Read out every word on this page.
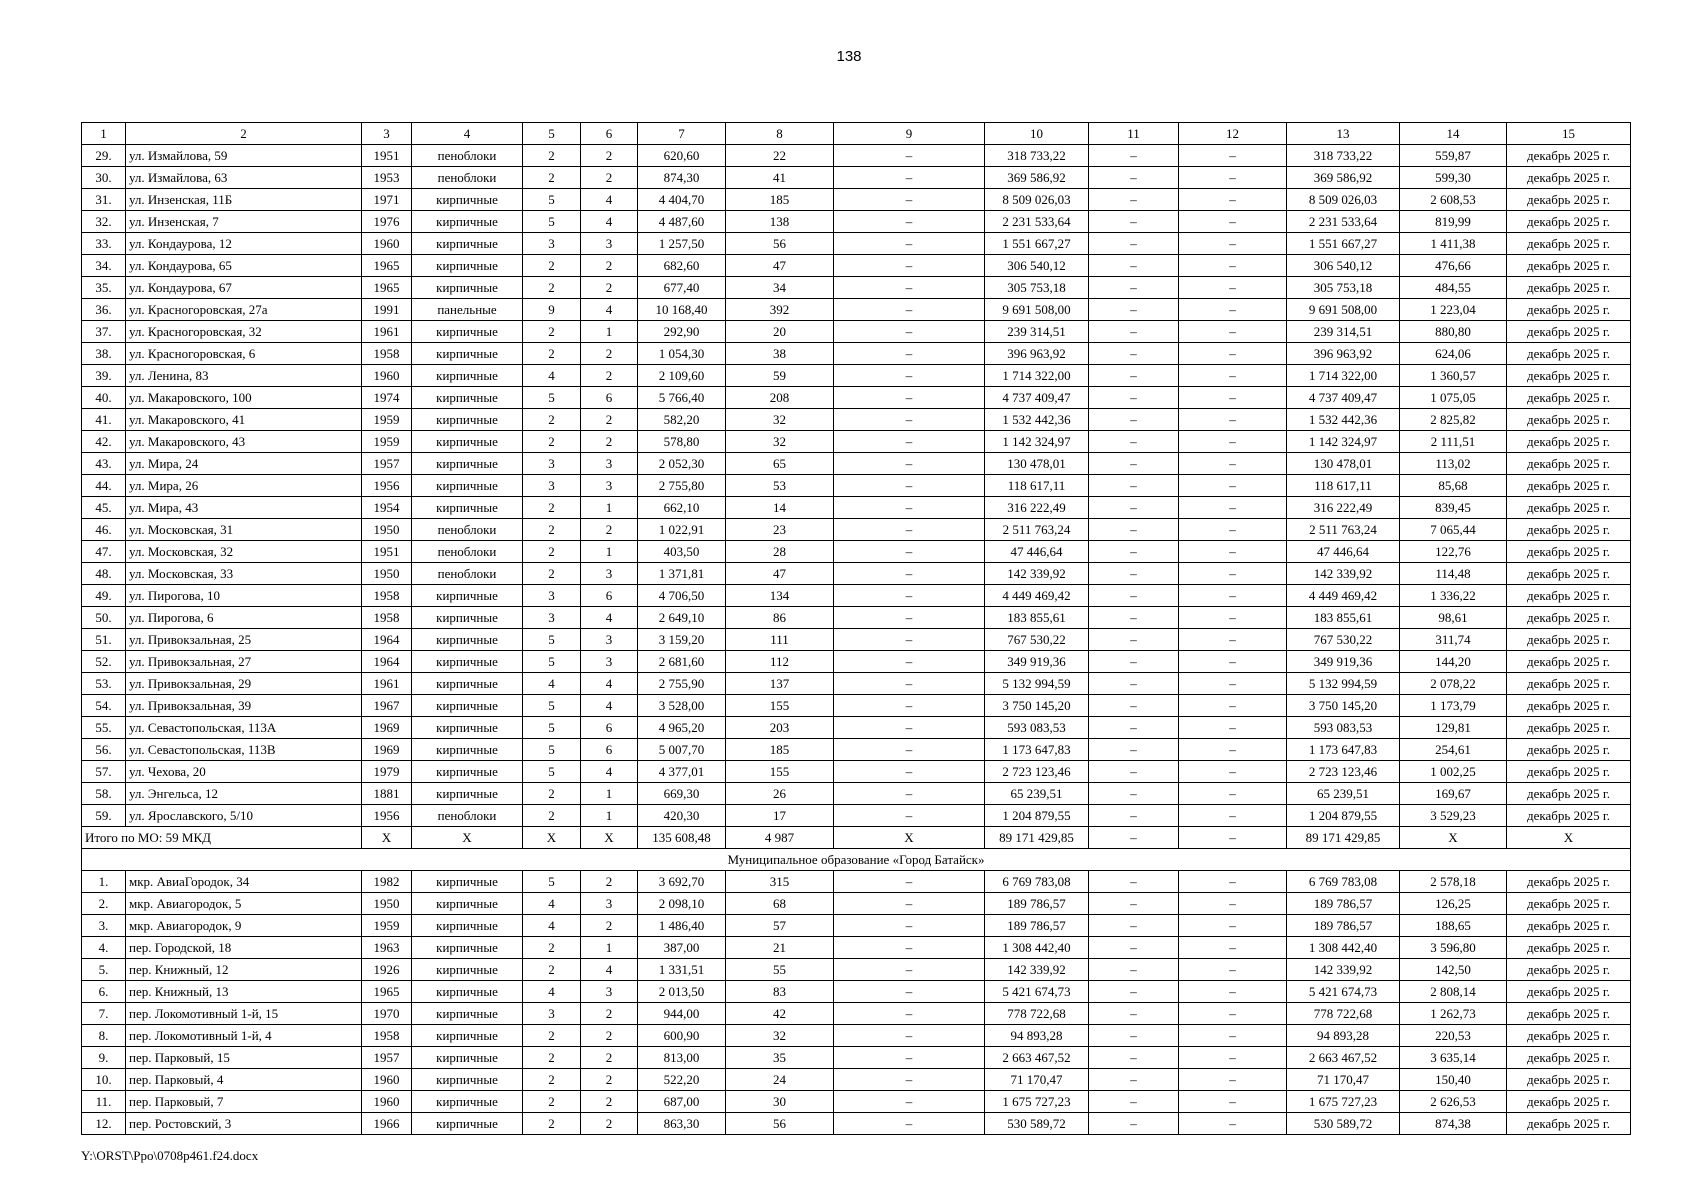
138
1	2	3	4	5	6	7	8	9	10	11	12	13	14	15
29.	ул. Измайлова, 59	1951	пеноблоки	2	2	620,60	22	–	318 733,22	–	–	318 733,22	559,87	декабрь 2025 г.
30.	ул. Измайлова, 63	1953	пеноблоки	2	2	874,30	41	–	369 586,92	–	–	369 586,92	599,30	декабрь 2025 г.
31.	ул. Инзенская, 11Б	1971	кирпичные	5	4	4 404,70	185	–	8 509 026,03	–	–	8 509 026,03	2 608,53	декабрь 2025 г.
32.	ул. Инзенская, 7	1976	кирпичные	5	4	4 487,60	138	–	2 231 533,64	–	–	2 231 533,64	819,99	декабрь 2025 г.
33.	ул. Кондаурова, 12	1960	кирпичные	3	3	1 257,50	56	–	1 551 667,27	–	–	1 551 667,27	1 411,38	декабрь 2025 г.
34.	ул. Кондаурова, 65	1965	кирпичные	2	2	682,60	47	–	306 540,12	–	–	306 540,12	476,66	декабрь 2025 г.
35.	ул. Кондаурова, 67	1965	кирпичные	2	2	677,40	34	–	305 753,18	–	–	305 753,18	484,55	декабрь 2025 г.
36.	ул. Красногоровская, 27а	1991	панельные	9	4	10 168,40	392	–	9 691 508,00	–	–	9 691 508,00	1 223,04	декабрь 2025 г.
37.	ул. Красногоровская, 32	1961	кирпичные	2	1	292,90	20	–	239 314,51	–	–	239 314,51	880,80	декабрь 2025 г.
38.	ул. Красногоровская, 6	1958	кирпичные	2	2	1 054,30	38	–	396 963,92	–	–	396 963,92	624,06	декабрь 2025 г.
39.	ул. Ленина, 83	1960	кирпичные	4	2	2 109,60	59	–	1 714 322,00	–	–	1 714 322,00	1 360,57	декабрь 2025 г.
40.	ул. Макаровского, 100	1974	кирпичные	5	6	5 766,40	208	–	4 737 409,47	–	–	4 737 409,47	1 075,05	декабрь 2025 г.
41.	ул. Макаровского, 41	1959	кирпичные	2	2	582,20	32	–	1 532 442,36	–	–	1 532 442,36	2 825,82	декабрь 2025 г.
42.	ул. Макаровского, 43	1959	кирпичные	2	2	578,80	32	–	1 142 324,97	–	–	1 142 324,97	2 111,51	декабрь 2025 г.
43.	ул. Мира, 24	1957	кирпичные	3	3	2 052,30	65	–	130 478,01	–	–	130 478,01	113,02	декабрь 2025 г.
44.	ул. Мира, 26	1956	кирпичные	3	3	2 755,80	53	–	118 617,11	–	–	118 617,11	85,68	декабрь 2025 г.
45.	ул. Мира, 43	1954	кирпичные	2	1	662,10	14	–	316 222,49	–	–	316 222,49	839,45	декабрь 2025 г.
46.	ул. Московская, 31	1950	пеноблоки	2	2	1 022,91	23	–	2 511 763,24	–	–	2 511 763,24	7 065,44	декабрь 2025 г.
47.	ул. Московская, 32	1951	пеноблоки	2	1	403,50	28	–	47 446,64	–	–	47 446,64	122,76	декабрь 2025 г.
48.	ул. Московская, 33	1950	пеноблоки	2	3	1 371,81	47	–	142 339,92	–	–	142 339,92	114,48	декабрь 2025 г.
49.	ул. Пирогова, 10	1958	кирпичные	3	6	4 706,50	134	–	4 449 469,42	–	–	4 449 469,42	1 336,22	декабрь 2025 г.
50.	ул. Пирогова, 6	1958	кирпичные	3	4	2 649,10	86	–	183 855,61	–	–	183 855,61	98,61	декабрь 2025 г.
51.	ул. Привокзальная, 25	1964	кирпичные	5	3	3 159,20	111	–	767 530,22	–	–	767 530,22	311,74	декабрь 2025 г.
52.	ул. Привокзальная, 27	1964	кирпичные	5	3	2 681,60	112	–	349 919,36	–	–	349 919,36	144,20	декабрь 2025 г.
53.	ул. Привокзальная, 29	1961	кирпичные	4	4	2 755,90	137	–	5 132 994,59	–	–	5 132 994,59	2 078,22	декабрь 2025 г.
54.	ул. Привокзальная, 39	1967	кирпичные	5	4	3 528,00	155	–	3 750 145,20	–	–	3 750 145,20	1 173,79	декабрь 2025 г.
55.	ул. Севастопольская, 113А	1969	кирпичные	5	6	4 965,20	203	–	593 083,53	–	–	593 083,53	129,81	декабрь 2025 г.
56.	ул. Севастопольская, 113В	1969	кирпичные	5	6	5 007,70	185	–	1 173 647,83	–	–	1 173 647,83	254,61	декабрь 2025 г.
57.	ул. Чехова, 20	1979	кирпичные	5	4	4 377,01	155	–	2 723 123,46	–	–	2 723 123,46	1 002,25	декабрь 2025 г.
58.	ул. Энгельса, 12	1881	кирпичные	2	1	669,30	26	–	65 239,51	–	–	65 239,51	169,67	декабрь 2025 г.
59.	ул. Ярославского, 5/10	1956	пеноблоки	2	1	420,30	17	–	1 204 879,55	–	–	1 204 879,55	3 529,23	декабрь 2025 г.
Итого по МО: 59 МКД		X	X	X	X	135 608,48	4 987	X	89 171 429,85	–	–	89 171 429,85	X	X
Муниципальное образование «Город Батайск»														
1.	мкр. АвиаГородок, 34	1982	кирпичные	5	2	3 692,70	315	–	6 769 783,08	–	–	6 769 783,08	2 578,18	декабрь 2025 г.
2.	мкр. Авиагородок, 5	1950	кирпичные	4	3	2 098,10	68	–	189 786,57	–	–	189 786,57	126,25	декабрь 2025 г.
3.	мкр. Авиагородок, 9	1959	кирпичные	4	2	1 486,40	57	–	189 786,57	–	–	189 786,57	188,65	декабрь 2025 г.
4.	пер. Городской, 18	1963	кирпичные	2	1	387,00	21	–	1 308 442,40	–	–	1 308 442,40	3 596,80	декабрь 2025 г.
5.	пер. Книжный, 12	1926	кирпичные	2	4	1 331,51	55	–	142 339,92	–	–	142 339,92	142,50	декабрь 2025 г.
6.	пер. Книжный, 13	1965	кирпичные	4	3	2 013,50	83	–	5 421 674,73	–	–	5 421 674,73	2 808,14	декабрь 2025 г.
7.	пер. Локомотивный 1-й, 15	1970	кирпичные	3	2	944,00	42	–	778 722,68	–	–	778 722,68	1 262,73	декабрь 2025 г.
8.	пер. Локомотивный 1-й, 4	1958	кирпичные	2	2	600,90	32	–	94 893,28	–	–	94 893,28	220,53	декабрь 2025 г.
9.	пер. Парковый, 15	1957	кирпичные	2	2	813,00	35	–	2 663 467,52	–	–	2 663 467,52	3 635,14	декабрь 2025 г.
10.	пер. Парковый, 4	1960	кирпичные	2	2	522,20	24	–	71 170,47	–	–	71 170,47	150,40	декабрь 2025 г.
11.	пер. Парковый, 7	1960	кирпичные	2	2	687,00	30	–	1 675 727,23	–	–	1 675 727,23	2 626,53	декабрь 2025 г.
12.	пер. Ростовский, 3	1966	кирпичные	2	2	863,30	56	–	530 589,72	–	–	530 589,72	874,38	декабрь 2025 г.
Y:\ORST\Ppo\0708p461.f24.docx
